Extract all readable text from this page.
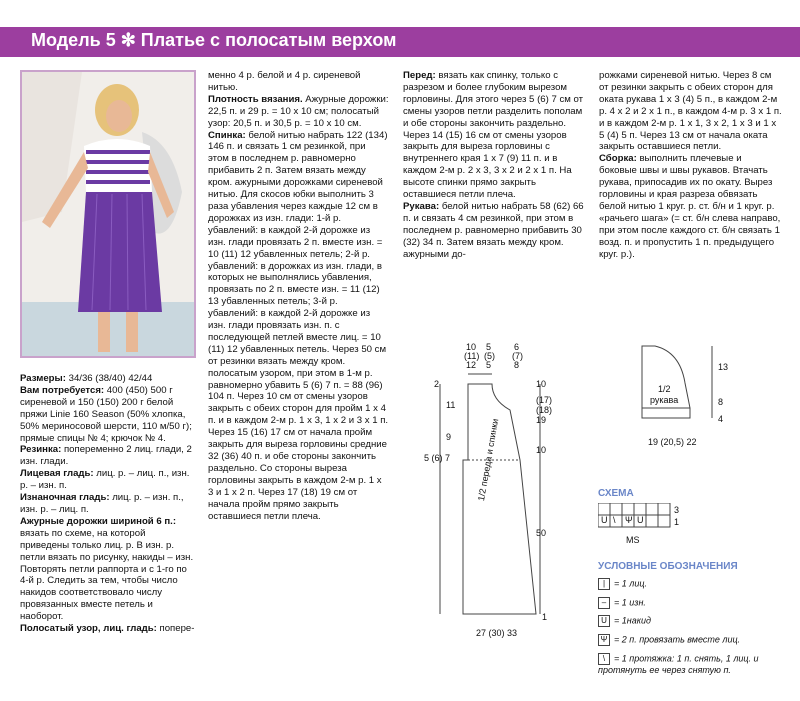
Модель 5 ✻ Платье с полосатым верхом

Размеры: 34/36 (38/40) 42/44

Вам потребуется: 400 (450) 500 г сиреневой и 150 (150) 200 г белой пряжи Linie 160 Season (50% хлопка, 50% мериносовой шерсти, 110 м/50 г); прямые спицы № 4; крючок № 4.

Резинка: попеременно 2 лиц. глади, 2 изн. глади.

Лицевая гладь: лиц. р. – лиц. п., изн. р. – изн. п.

Изнаночная гладь: лиц. р. – изн. п., изн. р. – лиц. п.

Ажурные дорожки шириной 6 п.: вязать по схеме, на которой приведены только лиц. р. В изн. р. петли вязать по рисунку, накиды – изн. Повторять петли раппорта и с 1-го по 4-й р. Следить за тем, чтобы число накидов соответствовало числу провязанных вместе петель и наоборот.

Полосатый узор, лиц. гладь: попере-

менно 4 р. белой и 4 р. сиреневой нитью.

Плотность вязания. Ажурные дорожки: 22,5 п. и 29 р. = 10 х 10 см; полосатый узор: 20,5 п. и 30,5 р. = 10 х 10 см.

Спинка: белой нитью набрать 122 (134) 146 п. и связать 1 см резинкой, при этом в последнем р. равномерно прибавить 2 п. Затем вязать между кром. ажурными дорожками сиреневой нитью. Для скосов юбки выполнить 3 раза убавления через каждые 12 см в дорожках из изн. глади: 1-й р. убавлений: в каждой 2-й дорожке из изн. глади провязать 2 п. вместе изн. = 10 (11) 12 убавленных петель; 2-й р. убавлений: в дорожках из изн. глади, в которых не выполнялись убавления, провязать по 2 п. вместе изн. = 11 (12) 13 убавленных петель; 3-й р. убавлений: в каждой 2-й дорожке из изн. глади провязать изн. п. с последующей петлей вместе лиц. = 10 (11) 12 убавленных петель. Через 50 см от резинки вязать между кром. полосатым узором, при этом в 1-м р. равномерно убавить 5 (6) 7 п. = 88 (96) 104 п. Через 10 см от смены узоров закрыть с обеих сторон для пройм 1 х 4 п. и в каждом 2-м р. 1 х 3, 1 х 2 и 3 х 1 п. Через 15 (16) 17 см от начала пройм закрыть для выреза горловины средние 32 (36) 40 п. и обе стороны закончить раздельно. Со стороны выреза горловины закрыть в каждом 2-м р. 1 х 3 и 1 х 2 п. Через 17 (18) 19 см от начала пройм прямо закрыть оставшиеся петли плеча.

Перед: вязать как спинку, только с разрезом и более глубоким вырезом горловины. Для этого через 5 (6) 7 см от смены узоров петли разделить пополам и обе стороны закончить раздельно. Через 14 (15) 16 см от смены узоров закрыть для выреза горловины с внутреннего края 1 х 7 (9) 11 п. и в каждом 2-м р. 2 х 3, 3 х 2 и 2 х 1 п. На высоте спинки прямо закрыть оставшиеся петли плеча.

Рукава: белой нитью набрать 58 (62) 66 п. и связать 4 см резинкой, при этом в последнем р. равномерно прибавить 30 (32) 34 п. Затем вязать между кром. ажурными до-

рожками сиреневой нитью. Через 8 см от резинки закрыть с обеих сторон для оката рукава 1 х 3 (4) 5 п., в каждом 2-м р. 4 х 2 и 2 х 1 п., в каждом 4-м р. 3 х 1 п. и в каждом 2-м р. 1 х 1, 3 х 2, 1 х 3 и 1 х 5 (4) 5 п. Через 13 см от начала оката закрыть оставшиеся петли.

Сборка: выполнить плечевые и боковые швы и швы рукавов. Втачать рукава, припосадив их по окату. Вырез горловины и края разреза обвязать белой нитью 1 круг. р. ст. б/н и 1 круг. р. «рачьего шага» (= ст. б/н слева направо, при этом после каждого ст. б/н связать 1 возд. п. и пропустить 1 п. предыдущего круг. р.).

10 5	6
(11) (5) (7)
12 5	8
2
11
9
5 (6) 7
10
(17)
(18)
19
10
50
1
1/2 переда и спинки
27 (30) 33
1/2
рукава
13
8
4
19 (20,5) 22
СХЕМА
U \ Ψ U
3
1
MS
УСЛОВНЫЕ ОБОЗНАЧЕНИЯ
| = 1 лиц.
– = 1 изн.
U = 1накид
Ψ = 2 п. провязать вместе лиц.
\ = 1 протяжка: 1 п. снять, 1 лиц. и протянуть ее через снятую п.
